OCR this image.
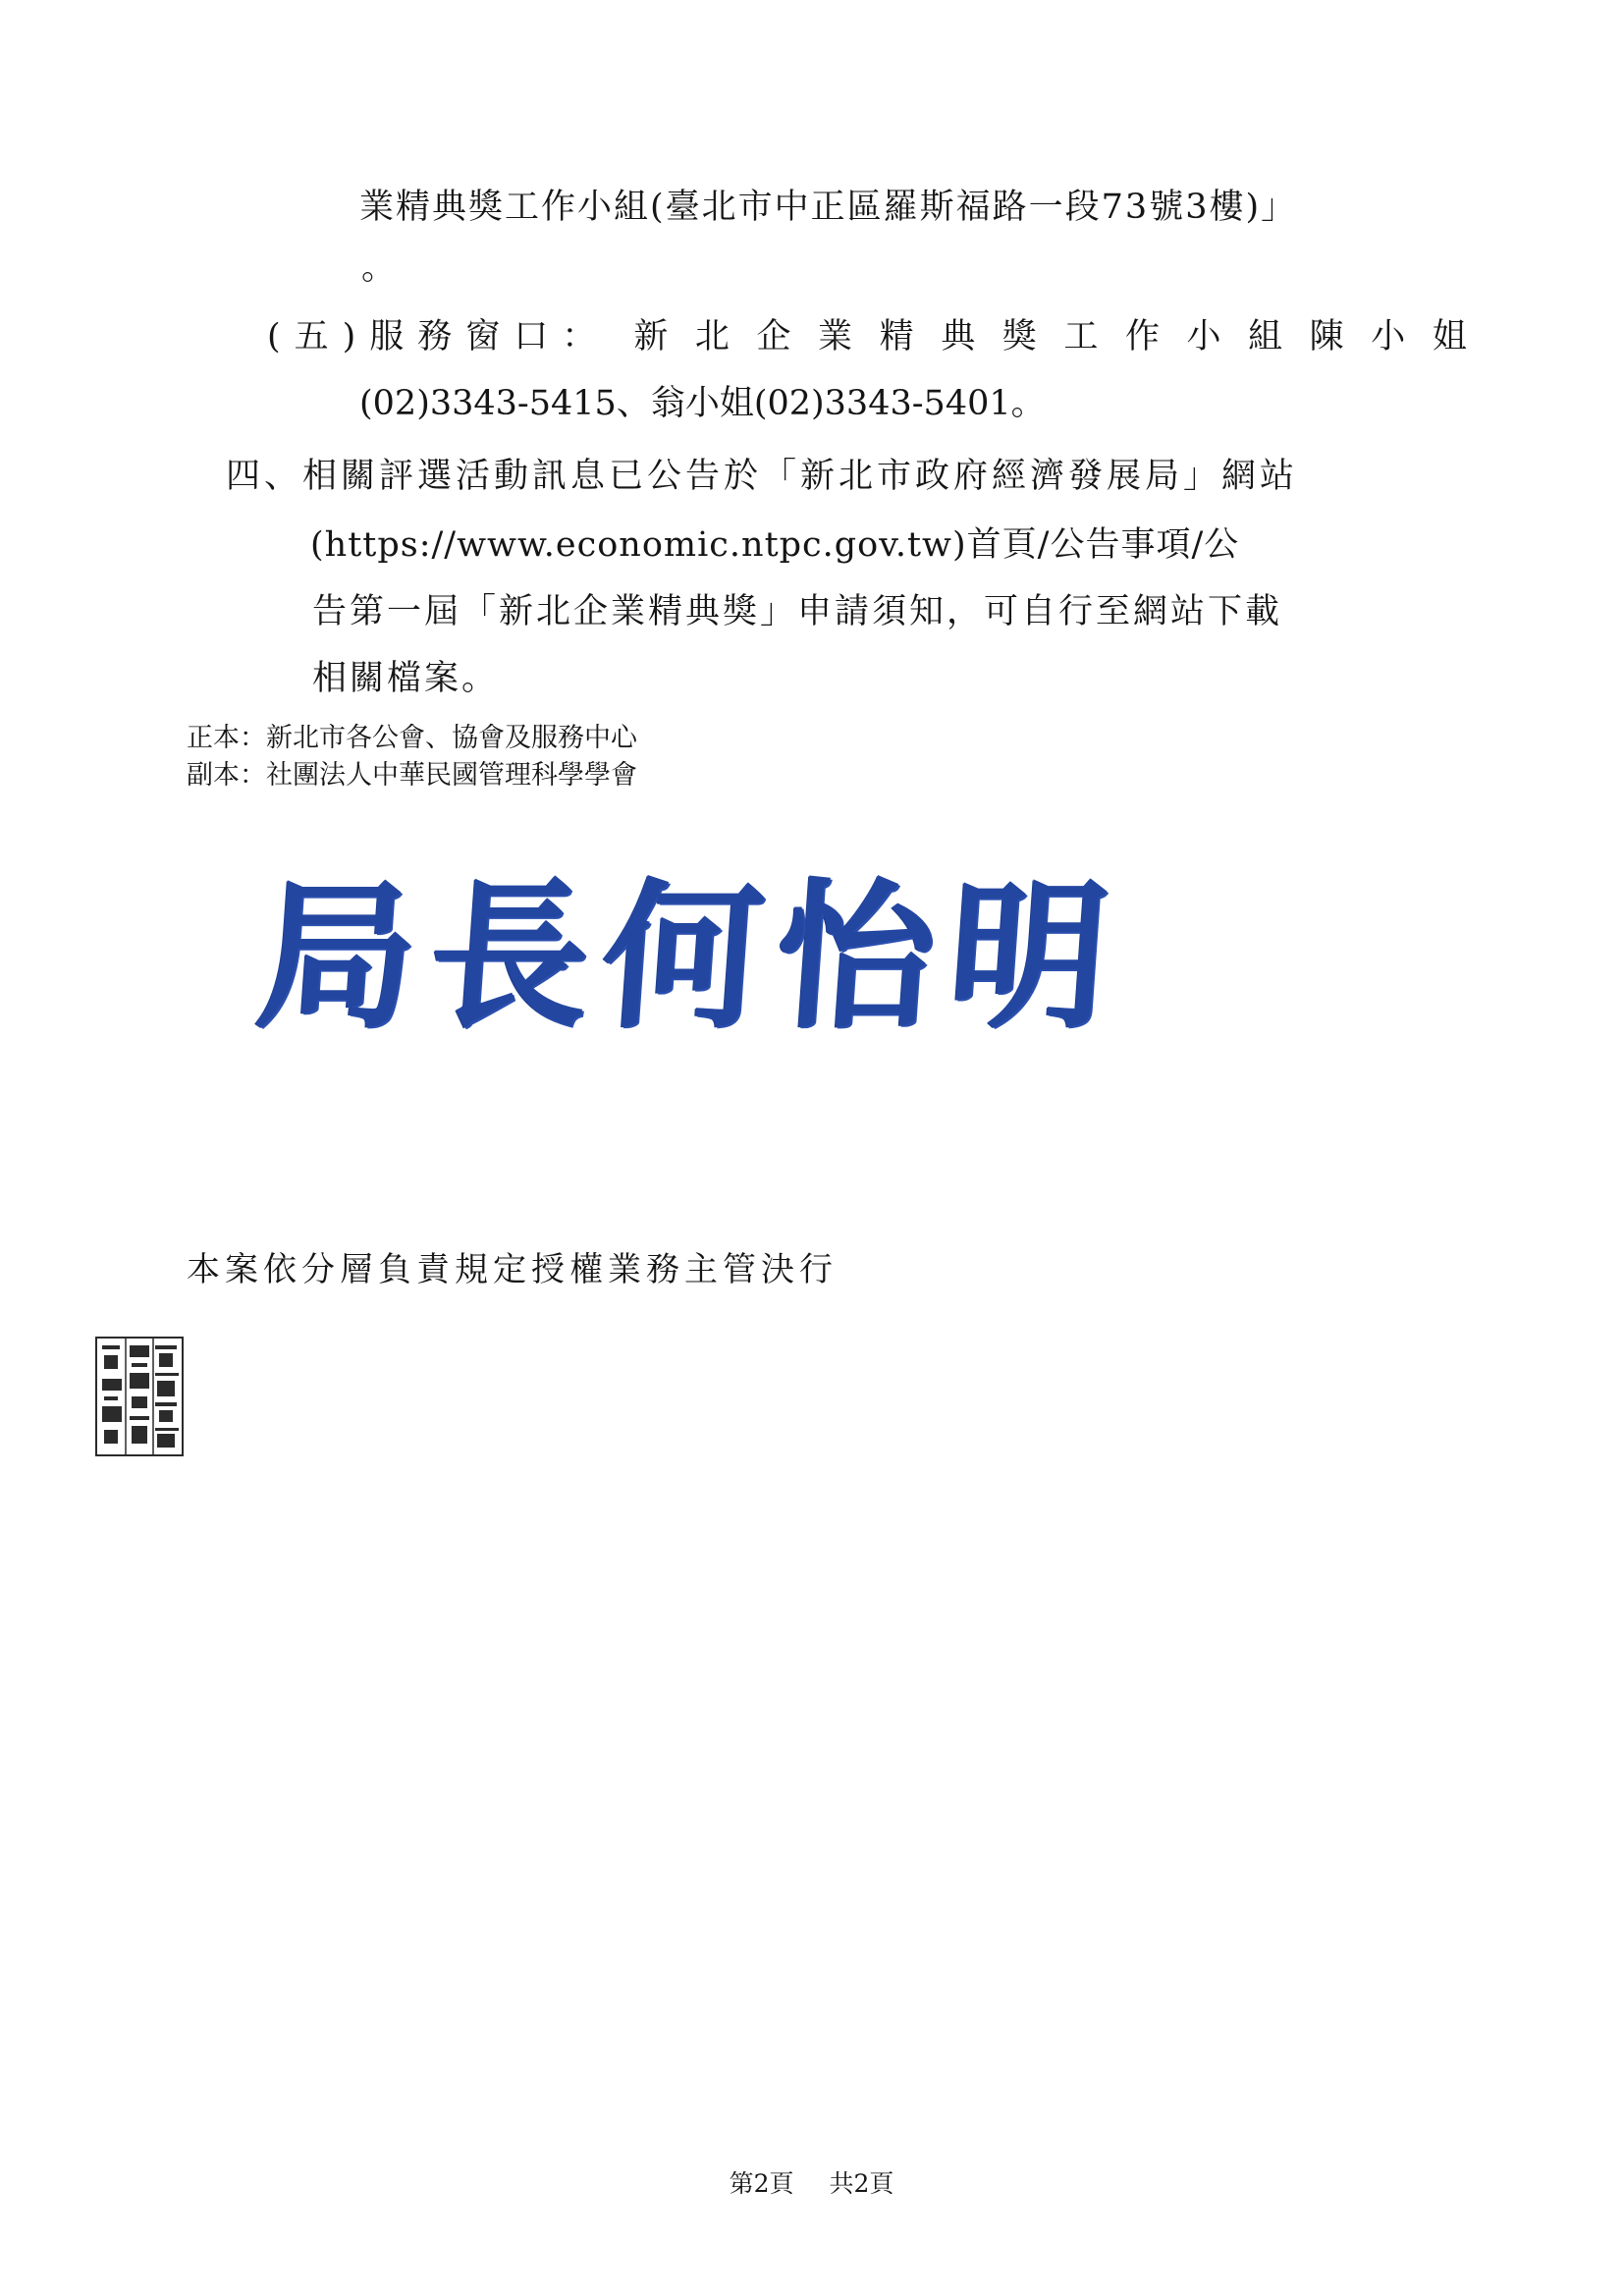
業精典獎工作小組(臺北市中正區羅斯福路一段73號3樓)」

。

(五)服務窗口： 新 北 企 業 精 典 獎 工 作 小 組 陳 小 姐

(02)3343-5415、翁小姐(02)3343-5401。

四、相關評選活動訊息已公告於「新北市政府經濟發展局」網站

(https://www.economic.ntpc.gov.tw)首頁/公告事項/公

告第一屆「新北企業精典獎」申請須知，可自行至網站下載

相關檔案。

正本：新北市各公會、協會及服務中心
副本：社團法人中華民國管理科學學會
局長何怡明

本案依分層負責規定授權業務主管決行

第2頁 共2頁
